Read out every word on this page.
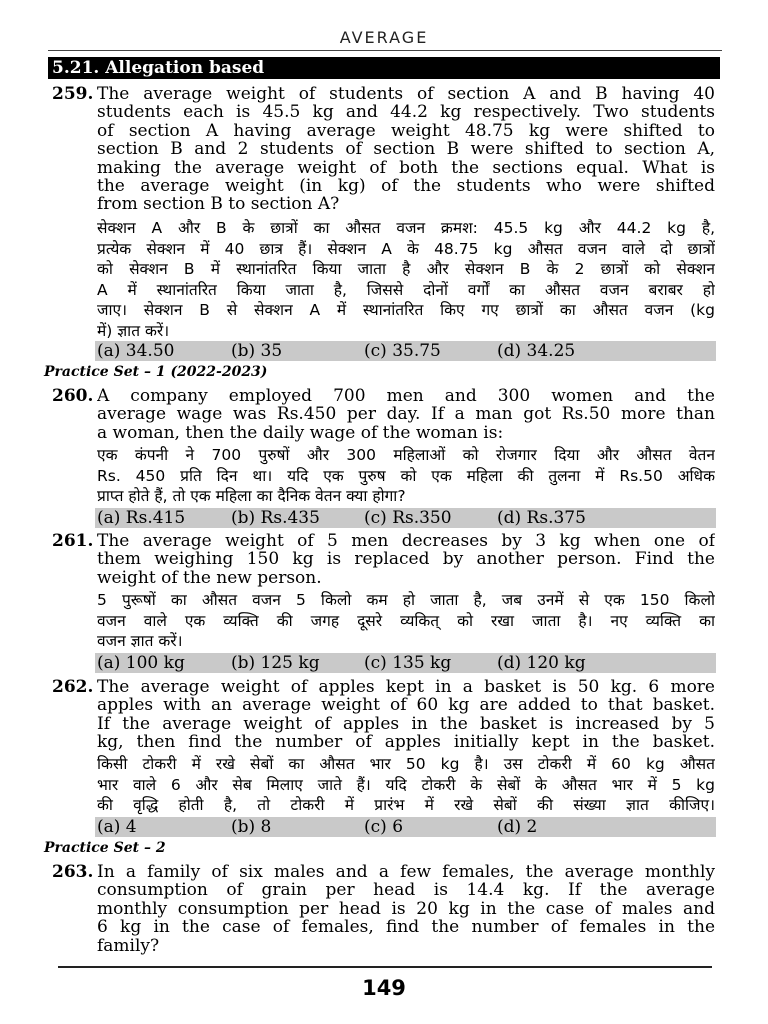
AVERAGE
5.21. Allegation based
259. The average weight of students of section A and B having 40
students each is 45.5 kg and 44.2 kg respectively. Two students
of section A having average weight 48.75 kg were shifted to
section B and 2 students of section B were shifted to section A,
making the average weight of both the sections equal. What is
the average weight (in kg) of the students who were shifted
from section B to section A?
सेक्शन A और B के छात्रों का औसत वजन क्रमश: 45.5 kg और 44.2 kg है,
प्रत्येक सेक्शन में 40 छात्र हैं। सेक्शन A के 48.75 kg औसत वजन वाले दो छात्रों
को सेक्शन B में स्थानांतरित किया जाता है और सेक्शन B के 2 छात्रों को सेक्शन
A में स्थानांतरित किया जाता है, जिससे दोनों वर्गों का औसत वजन बराबर हो
जाए। सेक्शन B से सेक्शन A में स्थानांतरित किए गए छात्रों का औसत वजन (kg
में) ज्ञात करें।
(a) 34.50	(b) 35	(c) 35.75	(d) 34.25
Practice Set – 1 (2022-2023)
260. A company employed 700 men and 300 women and the
average wage was Rs.450 per day. If a man got Rs.50 more than
a woman, then the daily wage of the woman is:
एक कंपनी ने 700 पुरुषों और 300 महिलाओं को रोजगार दिया और औसत वेतन
Rs. 450 प्रति दिन था। यदि एक पुरुष को एक महिला की तुलना में Rs.50 अधिक
प्राप्त होते हैं, तो एक महिला का दैनिक वेतन क्या होगा?
(a) Rs.415	(b) Rs.435	(c) Rs.350	(d) Rs.375
261. The average weight of 5 men decreases by 3 kg when one of
them weighing 150 kg is replaced by another person. Find the
weight of the new person.
5 पुरूषों का औसत वजन 5 किलो कम हो जाता है, जब उनमें से एक 150 किलो
वजन वाले एक व्यक्ति की जगह दूसरे व्यकित् को रखा जाता है। नए व्यक्ति का
वजन ज्ञात करें।
(a) 100 kg	(b) 125 kg	(c) 135 kg	(d) 120 kg
262. The average weight of apples kept in a basket is 50 kg. 6 more
apples with an average weight of 60 kg are added to that basket.
If the average weight of apples in the basket is increased by 5
kg, then find the number of apples initially kept in the basket.
किसी टोकरी में रखे सेबों का औसत भार 50 kg है। उस टोकरी में 60 kg औसत
भार वाले 6 और सेब मिलाए जाते हैं। यदि टोकरी के सेबों के औसत भार में 5 kg
की वृद्धि होती है, तो टोकरी में प्रारंभ में रखे सेबों की संख्या ज्ञात कीजिए।
(a) 4	(b) 8	(c) 6	(d) 2
Practice Set – 2
263. In a family of six males and a few females, the average monthly
consumption of grain per head is 14.4 kg. If the average
monthly consumption per head is 20 kg in the case of males and
6 kg in the case of females, find the number of females in the
family?
149
